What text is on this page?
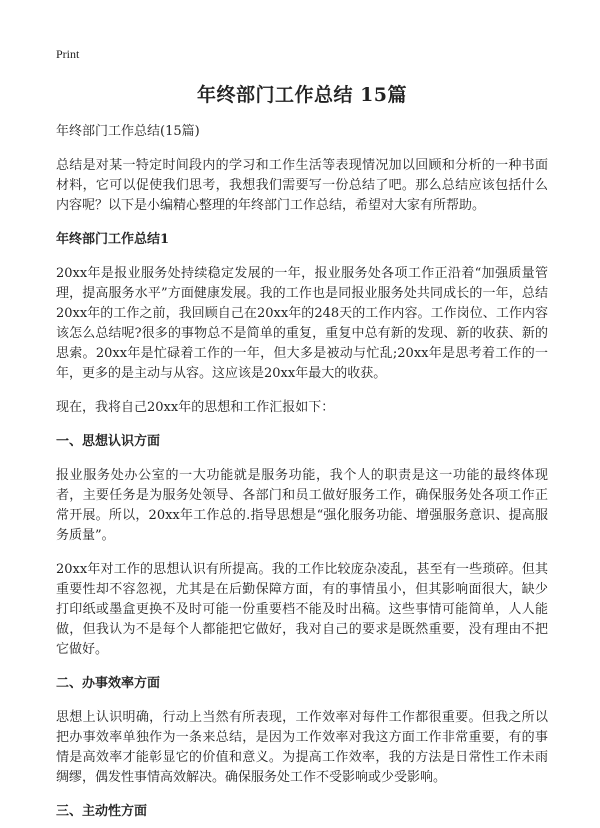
Print
年终部门工作总结 15篇
年终部门工作总结(15篇)

总结是对某一特定时间段内的学习和工作生活等表现情况加以回顾和分析的一种书面材料，它可以促使我们思考，我想我们需要写一份总结了吧。那么总结应该包括什么内容呢？以下是小编精心整理的年终部门工作总结，希望对大家有所帮助。

年终部门工作总结1

20xx年是报业服务处持续稳定发展的一年，报业服务处各项工作正沿着“加强质量管理，提高服务水平”方面健康发展。我的工作也是同报业服务处共同成长的一年，总结20xx年的工作之前，我回顾自己在20xx年的248天的工作内容。工作岗位、工作内容该怎么总结呢?很多的事物总不是简单的重复，重复中总有新的发现、新的收获、新的思索。20xx年是忙碌着工作的一年，但大多是被动与忙乱;20xx年是思考着工作的一年，更多的是主动与从容。这应该是20xx年最大的收获。

现在，我将自己20xx年的思想和工作汇报如下：

一、思想认识方面

报业服务处办公室的一大功能就是服务功能，我个人的职责是这一功能的最终体现者，主要任务是为服务处领导、各部门和员工做好服务工作，确保服务处各项工作正常开展。所以，20xx年工作总的.指导思想是“强化服务功能、增强服务意识、提高服务质量”。

20xx年对工作的思想认识有所提高。我的工作比较庞杂凌乱，甚至有一些琐碎。但其重要性却不容忽视，尤其是在后勤保障方面，有的事情虽小，但其影响面很大，缺少打印纸或墨盒更换不及时可能一份重要档不能及时出稿。这些事情可能简单，人人能做，但我认为不是每个人都能把它做好，我对自己的要求是既然重要，没有理由不把它做好。

二、办事效率方面

思想上认识明确，行动上当然有所表现，工作效率对每件工作都很重要。但我之所以把办事效率单独作为一条来总结，是因为工作效率对我这方面工作非常重要，有的事情是高效率才能彰显它的价值和意义。为提高工作效率，我的方法是日常性工作未雨绸缪，偶发性事情高效解决。确保服务处工作不受影响或少受影响。

三、主动性方面
